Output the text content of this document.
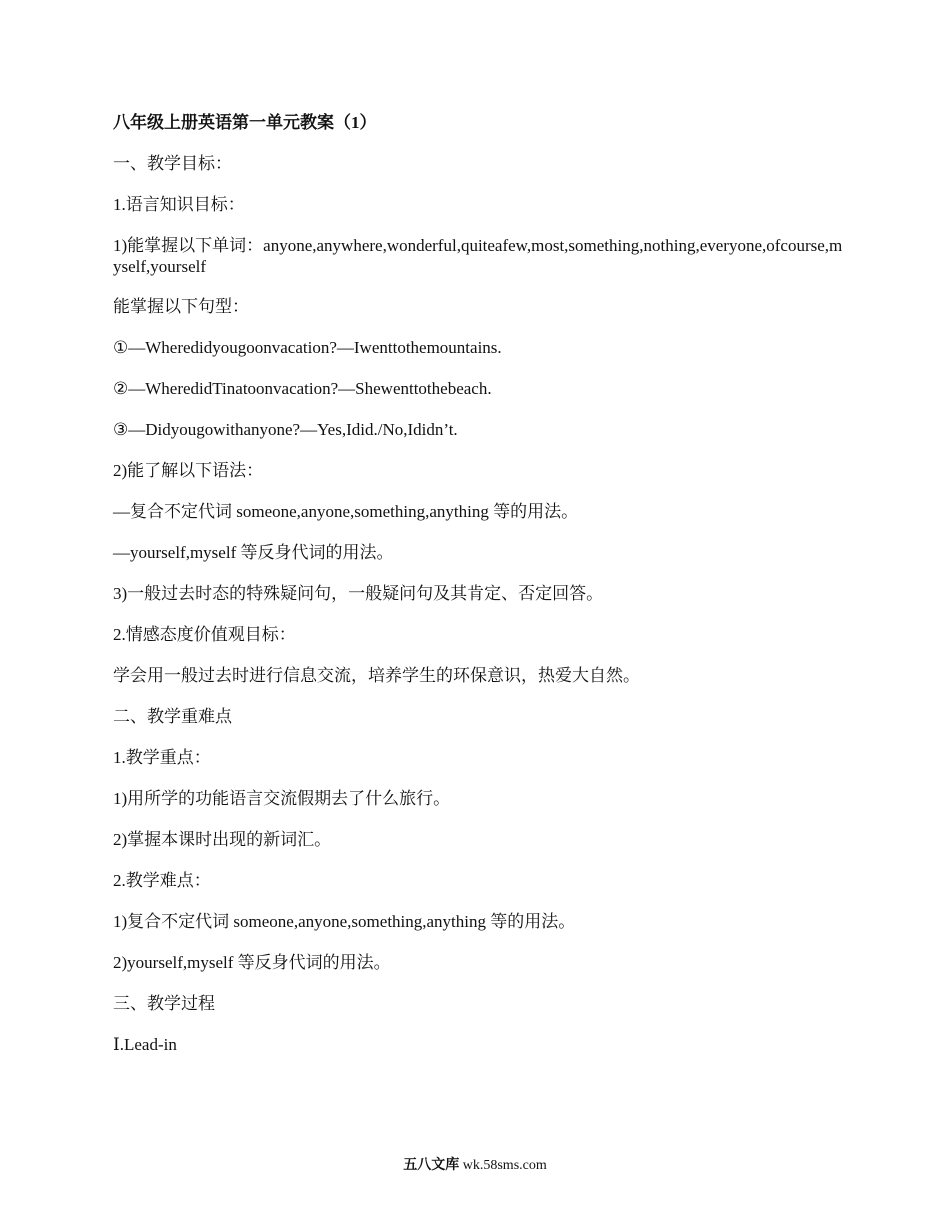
八年级上册英语第一单元教案（1）
一、教学目标：
1.语言知识目标：
1)能掌握以下单词：anyone,anywhere,wonderful,quiteafew,most,something,nothing,everyone,ofcourse,myself,yourself
能掌握以下句型：
①—Wheredidyougoonvacation?—Iwenttothemountains.
②—WheredidTinatoonvacation?—Shewenttothebeach.
③—Didyougowithanyone?—Yes,Idid./No,Ididn’t.
2)能了解以下语法：
—复合不定代词 someone,anyone,something,anything 等的用法。
—yourself,myself 等反身代词的用法。
3)一般过去时态的特殊疑问句，一般疑问句及其肯定、否定回答。
2.情感态度价值观目标：
学会用一般过去时进行信息交流，培养学生的环保意识，热爱大自然。
二、教学重难点
1.教学重点：
1)用所学的功能语言交流假期去了什么旅行。
2)掌握本课时出现的新词汇。
2.教学难点：
1)复合不定代词 someone,anyone,something,anything 等的用法。
2)yourself,myself 等反身代词的用法。
三、教学过程
Ⅰ.Lead-in
五八文库 wk.58sms.com
